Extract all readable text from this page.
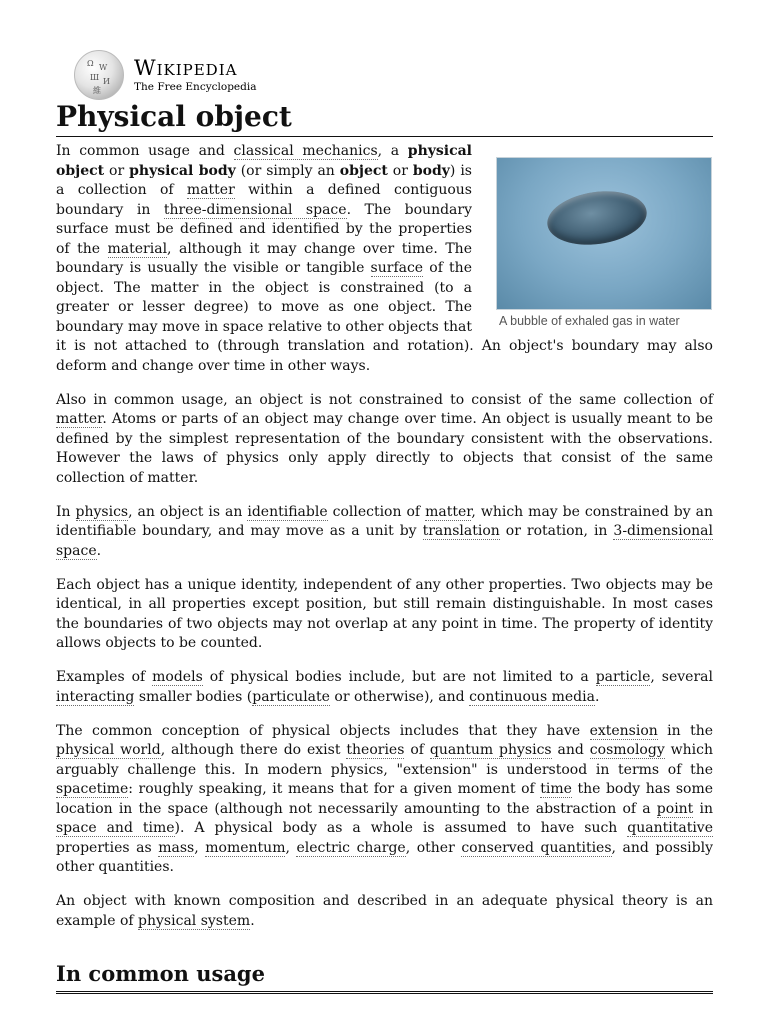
Ω W
Ш И
維
Wikipedia
The Free Encyclopedia
Physical object
A bubble of exhaled gas in water

In common usage and classical mechanics, a physical object or physical body (or simply an object or body) is a collection of matter within a defined contiguous boundary in three-dimensional space. The boundary surface must be defined and identified by the properties of the material, although it may change over time. The boundary is usually the visible or tangible surface of the object. The matter in the object is constrained (to a greater or lesser degree) to move as one object. The boundary may move in space relative to other objects that it is not attached to (through translation and rotation). An object's boundary may also deform and change over time in other ways.

Also in common usage, an object is not constrained to consist of the same collection of matter. Atoms or parts of an object may change over time. An object is usually meant to be defined by the simplest representation of the boundary consistent with the observations. However the laws of physics only apply directly to objects that consist of the same collection of matter.

In physics, an object is an identifiable collection of matter, which may be constrained by an identifiable boundary, and may move as a unit by translation or rotation, in 3-dimensional space.

Each object has a unique identity, independent of any other properties. Two objects may be identical, in all properties except position, but still remain distinguishable. In most cases the boundaries of two objects may not overlap at any point in time. The property of identity allows objects to be counted.

Examples of models of physical bodies include, but are not limited to a particle, several interacting smaller bodies (particulate or otherwise), and continuous media.

The common conception of physical objects includes that they have extension in the physical world, although there do exist theories of quantum physics and cosmology which arguably challenge this. In modern physics, "extension" is understood in terms of the spacetime: roughly speaking, it means that for a given moment of time the body has some location in the space (although not necessarily amounting to the abstraction of a point in space and time). A physical body as a whole is assumed to have such quantitative properties as mass, momentum, electric charge, other conserved quantities, and possibly other quantities.

An object with known composition and described in an adequate physical theory is an example of physical system.

In common usage
